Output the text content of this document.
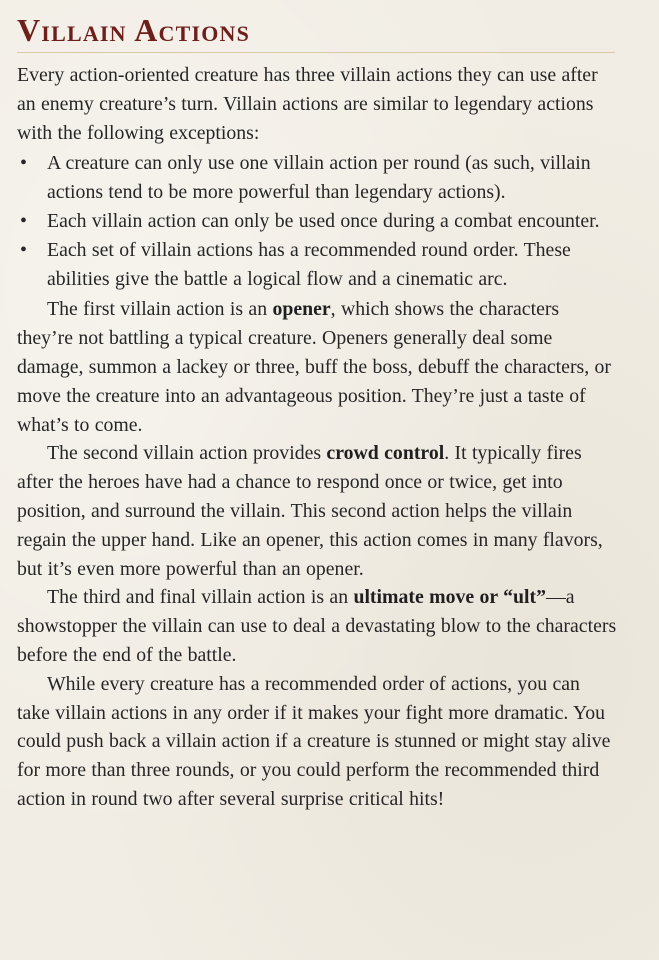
Villain Actions

Every action-oriented creature has three villain actions they can use after an enemy creature’s turn. Villain actions are similar to legendary actions with the following exceptions:

• A creature can only use one villain action per round (as such, villain actions tend to be more powerful than legendary actions).
• Each villain action can only be used once during a combat encounter.
• Each set of villain actions has a recommended round order. These abilities give the battle a logical flow and a cinematic arc.

The first villain action is an opener, which shows the characters they’re not battling a typical creature. Openers generally deal some damage, summon a lackey or three, buff the boss, debuff the characters, or move the creature into an advantageous position. They’re just a taste of what’s to come.

The second villain action provides crowd control. It typically fires after the heroes have had a chance to respond once or twice, get into position, and surround the villain. This second action helps the villain regain the upper hand. Like an opener, this action comes in many flavors, but it’s even more powerful than an opener.

The third and final villain action is an ultimate move or “ult”—a showstopper the villain can use to deal a devastating blow to the characters before the end of the battle.

While every creature has a recommended order of actions, you can take villain actions in any order if it makes your fight more dramatic. You could push back a villain action if a creature is stunned or might stay alive for more than three rounds, or you could perform the recommended third action in round two after several surprise critical hits!
